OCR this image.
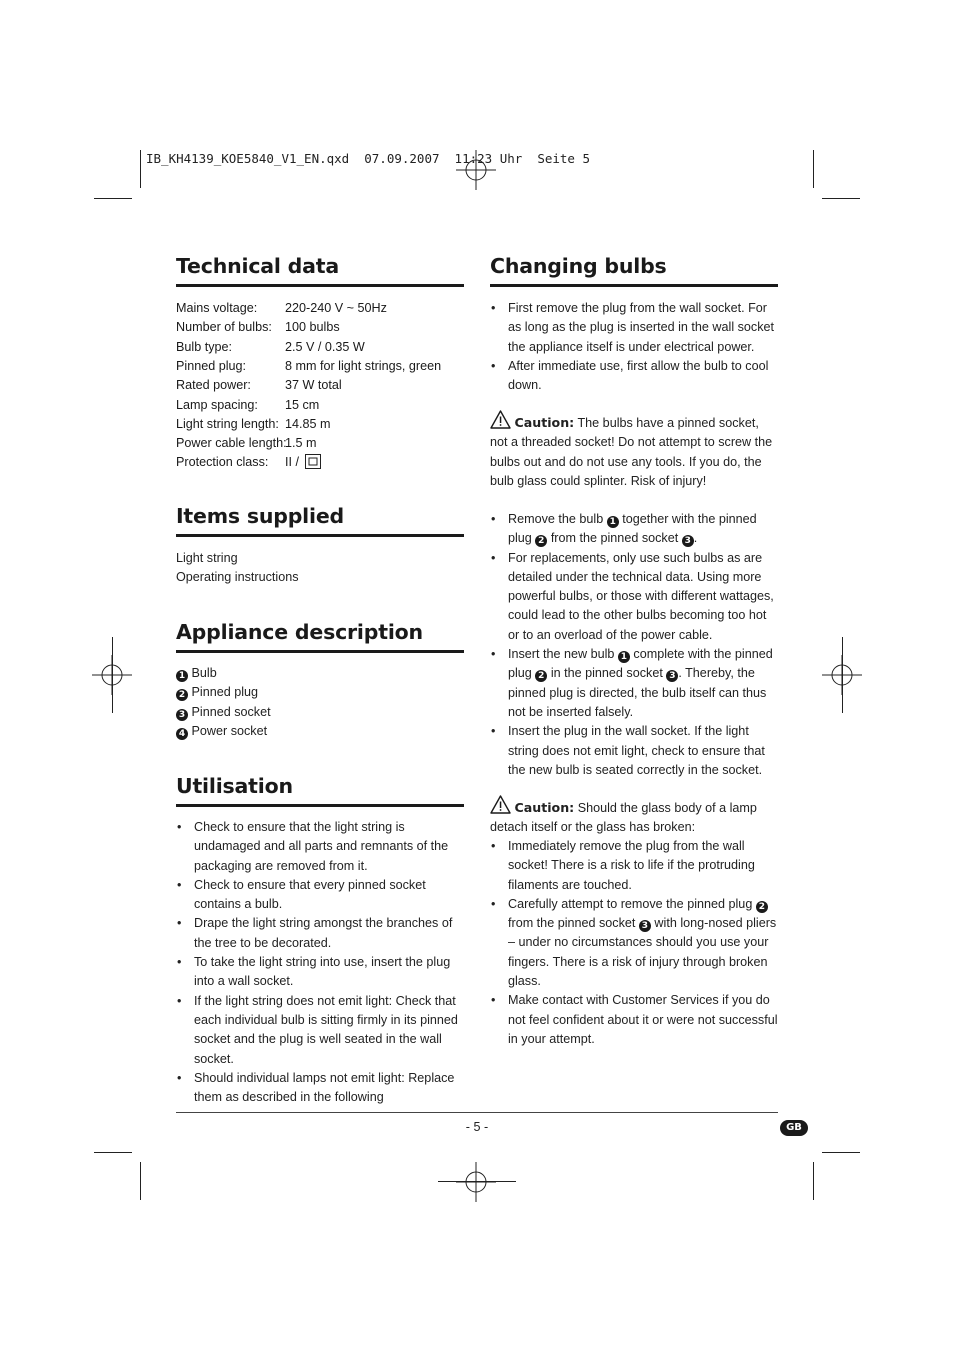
IB_KH4139_KOE5840_V1_EN.qxd  07.09.2007  11:23 Uhr  Seite 5
Technical data
Mains voltage: 220-240 V ~ 50Hz
Number of bulbs: 100 bulbs
Bulb type:	2.5 V / 0.35 W
Pinned plug:	8 mm for light strings, green
Rated power:	37 W total
Lamp spacing: 15 cm
Light string length: 14.85 m
Power cable length:
1.5 m
Protection class: II /
Items supplied
Light string
Operating instructions
Appliance description
1 Bulb
2 Pinned plug
3 Pinned socket
4 Power socket
Utilisation
• Check to ensure that the light string is undamaged and all parts and remnants of the packaging are removed from it.
• Check to ensure that every pinned socket contains a bulb.
• Drape the light string amongst the branches of the tree to be decorated.
• To take the light string into use, insert the plug into a wall socket.
• If the light string does not emit light: Check that each individual bulb is sitting firmly in its pinned socket and the plug is well seated in the wall socket.
• Should individual lamps not emit light: Replace them as described in the following
Changing bulbs
• First remove the plug from the wall socket. For as long as the plug is inserted in the wall socket the appliance itself is under electrical power.
• After immediate use, first allow the bulb to cool down.
Caution: The bulbs have a pinned socket, not a threaded socket! Do not attempt to screw the bulbs out and do not use any tools. If you do, the bulb glass could splinter. Risk of injury!
• Remove the bulb 1 together with the pinned plug 2 from the pinned socket 3 .
• For replacements, only use such bulbs as are detailed under the technical data. Using more powerful bulbs, or those with different wattages, could lead to the other bulbs becoming too hot or to an overload of the power cable.
• Insert the new bulb 1 complete with the pinned plug 2 in the pinned socket 3 . Thereby, the pinned plug is directed, the bulb itself can thus not be inserted falsely.
• Insert the plug in the wall socket. If the light string does not emit light, check to ensure that the new bulb is seated correctly in the socket.
Caution: Should the glass body of a lamp detach itself or the glass has broken:
• Immediately remove the plug from the wall socket! There is a risk to life if the protruding filaments are touched.
• Carefully attempt to remove the pinned plug 2 from the pinned socket 3 with long-nosed pliers – under no circumstances should you use your fingers. There is a risk of injury through broken glass.
• Make contact with Customer Services if you do not feel confident about it or were not successful in your attempt.
- 5 -	GB
